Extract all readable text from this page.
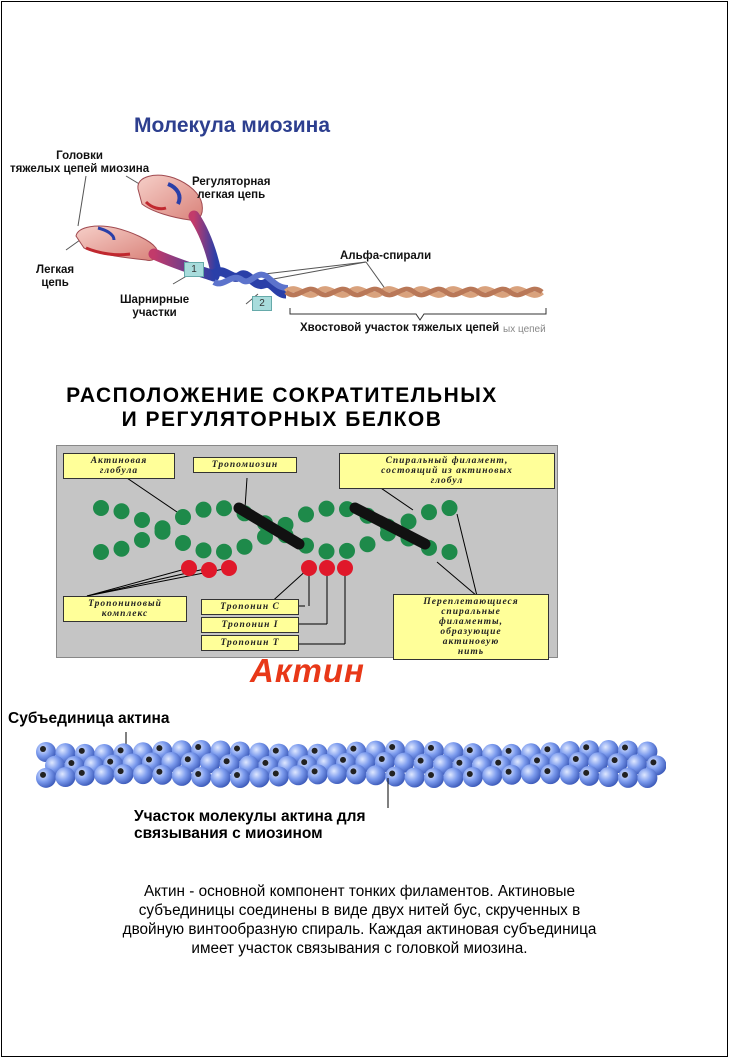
Молекула миозина
Головки
тяжелых цепей миозина
Регуляторная
легкая цепь
Легкая
цепь
Альфа-спирали
Шарнирные
участки
1
2
Хвостовой участок тяжелых цепей ых цепей
РАСПОЛОЖЕНИЕ СОКРАТИТЕЛЬНЫХ
И РЕГУЛЯТОРНЫХ БЕЛКОВ
Актиновая
глобула
Тропомиозин	Спиральный филамент,
состоящий из актиновых
глобул
Тропониновый
комплекс
Тропонин C
Тропонин I
Тропонин T
Переплетающиеся
спиральные
филаменты,
образующие
актиновую
нить
Актин
Субъединица актина
Участок молекулы актина для
связывания с миозином
Актин - основной компонент тонких филаментов. Актиновые
субъединицы соединены в виде двух нитей бус, скрученных в
двойную винтообразную спираль. Каждая актиновая субъединица
имеет участок связывания с головкой миозина.
